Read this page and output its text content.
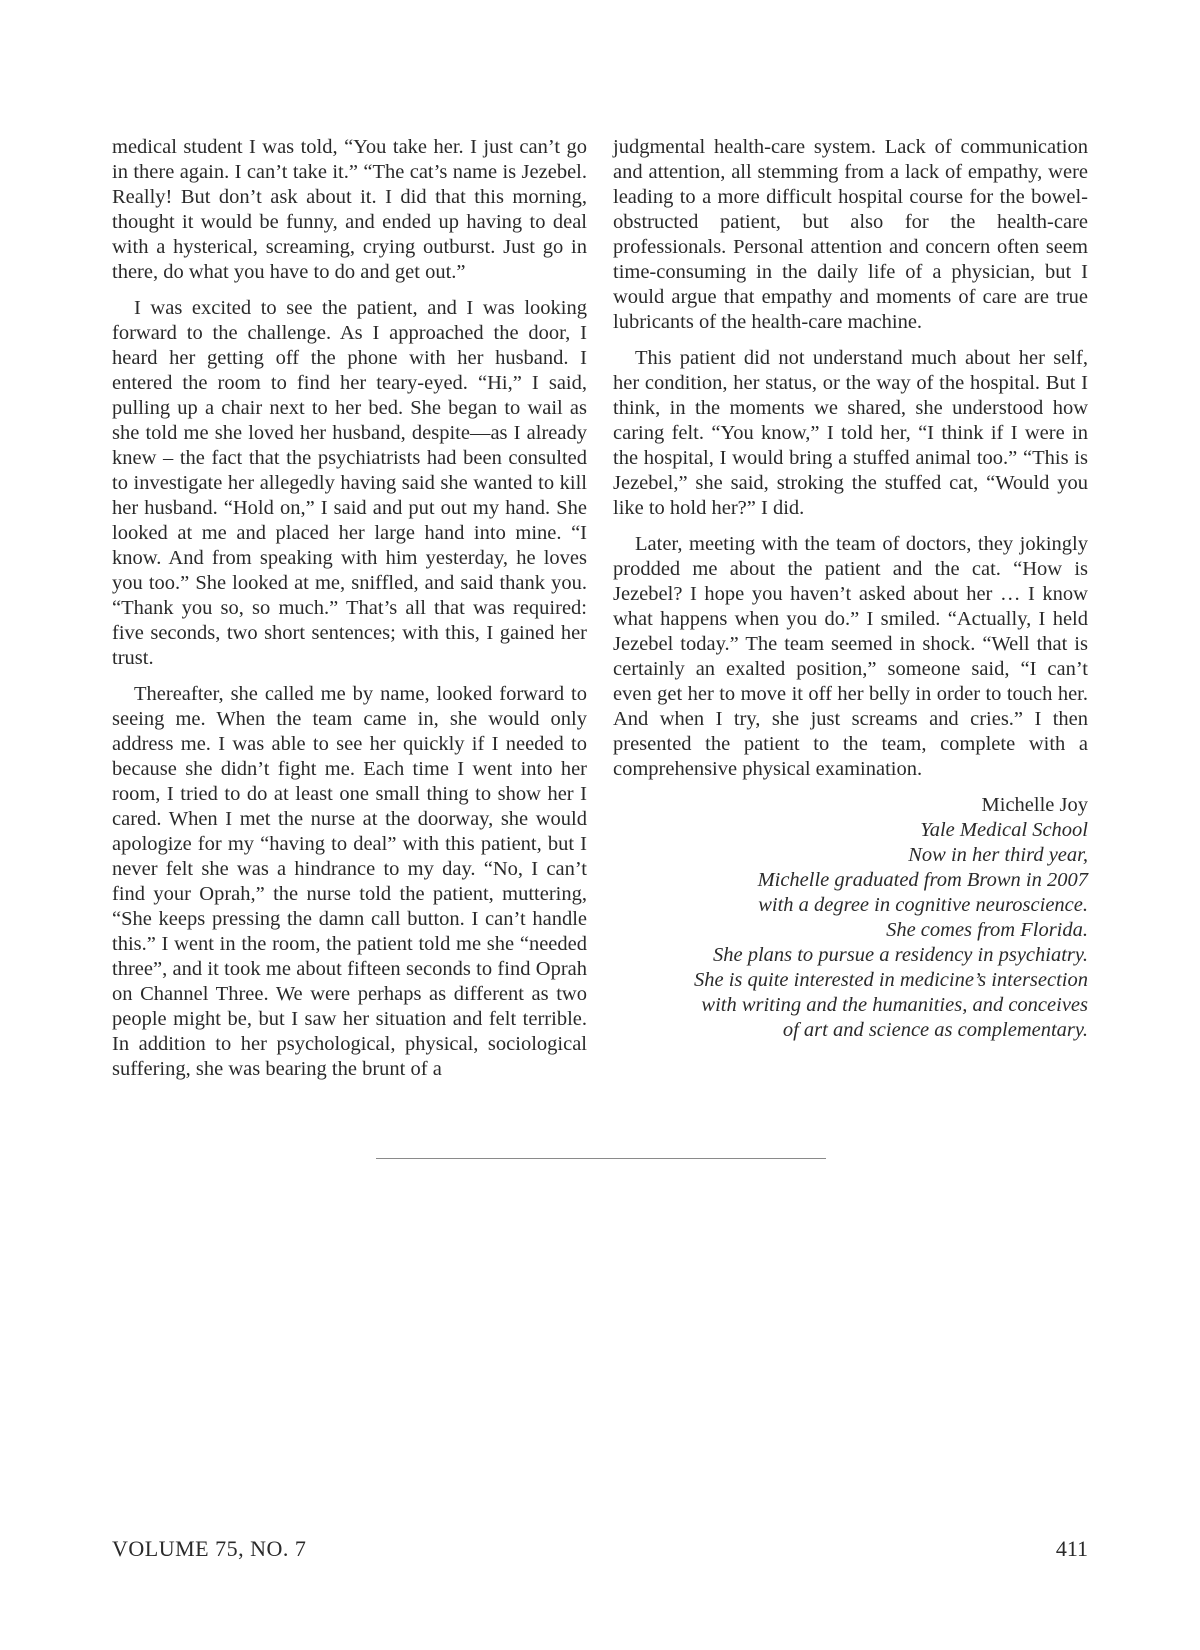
medical student I was told, “You take her. I just can’t go in there again. I can’t take it.” “The cat’s name is Jezebel. Really! But don’t ask about it. I did that this morning, thought it would be funny, and ended up having to deal with a hysterical, screaming, crying outburst. Just go in there, do what you have to do and get out.”

I was excited to see the patient, and I was looking forward to the challenge. As I approached the door, I heard her getting off the phone with her husband. I entered the room to find her teary-eyed. “Hi,” I said, pulling up a chair next to her bed. She began to wail as she told me she loved her husband, despite—as I already knew – the fact that the psychiatrists had been consulted to investigate her allegedly having said she wanted to kill her husband. “Hold on,” I said and put out my hand. She looked at me and placed her large hand into mine. “I know. And from speaking with him yesterday, he loves you too.” She looked at me, sniffled, and said thank you. “Thank you so, so much.” That’s all that was required: five seconds, two short sentences; with this, I gained her trust.

Thereafter, she called me by name, looked forward to seeing me. When the team came in, she would only address me. I was able to see her quickly if I needed to because she didn’t fight me. Each time I went into her room, I tried to do at least one small thing to show her I cared. When I met the nurse at the doorway, she would apologize for my “having to deal” with this patient, but I never felt she was a hindrance to my day. “No, I can’t find your Oprah,” the nurse told the patient, muttering, “She keeps pressing the damn call button. I can’t handle this.” I went in the room, the patient told me she “needed three”, and it took me about fifteen seconds to find Oprah on Channel Three. We were perhaps as different as two people might be, but I saw her situation and felt terrible. In addition to her psychological, physical, sociological suffering, she was bearing the brunt of a

judgmental health-care system. Lack of communication and attention, all stemming from a lack of empathy, were leading to a more difficult hospital course for the bowel-obstructed patient, but also for the health-care professionals. Personal attention and concern often seem time-consuming in the daily life of a physician, but I would argue that empathy and moments of care are true lubricants of the health-care machine.

This patient did not understand much about her self, her condition, her status, or the way of the hospital. But I think, in the moments we shared, she understood how caring felt. “You know,” I told her, “I think if I were in the hospital, I would bring a stuffed animal too.” “This is Jezebel,” she said, stroking the stuffed cat, “Would you like to hold her?” I did.

Later, meeting with the team of doctors, they jokingly prodded me about the patient and the cat. “How is Jezebel? I hope you haven’t asked about her … I know what happens when you do.” I smiled. “Actually, I held Jezebel today.” The team seemed in shock. “Well that is certainly an exalted position,” someone said, “I can’t even get her to move it off her belly in order to touch her. And when I try, she just screams and cries.” I then presented the patient to the team, complete with a comprehensive physical examination.

Michelle Joy
Yale Medical School
Now in her third year,
Michelle graduated from Brown in 2007
with a degree in cognitive neuroscience.
She comes from Florida.
She plans to pursue a residency in psychiatry.
She is quite interested in medicine’s intersection
with writing and the humanities, and conceives
of art and science as complementary.
VOLUME 75, NO. 7	411
